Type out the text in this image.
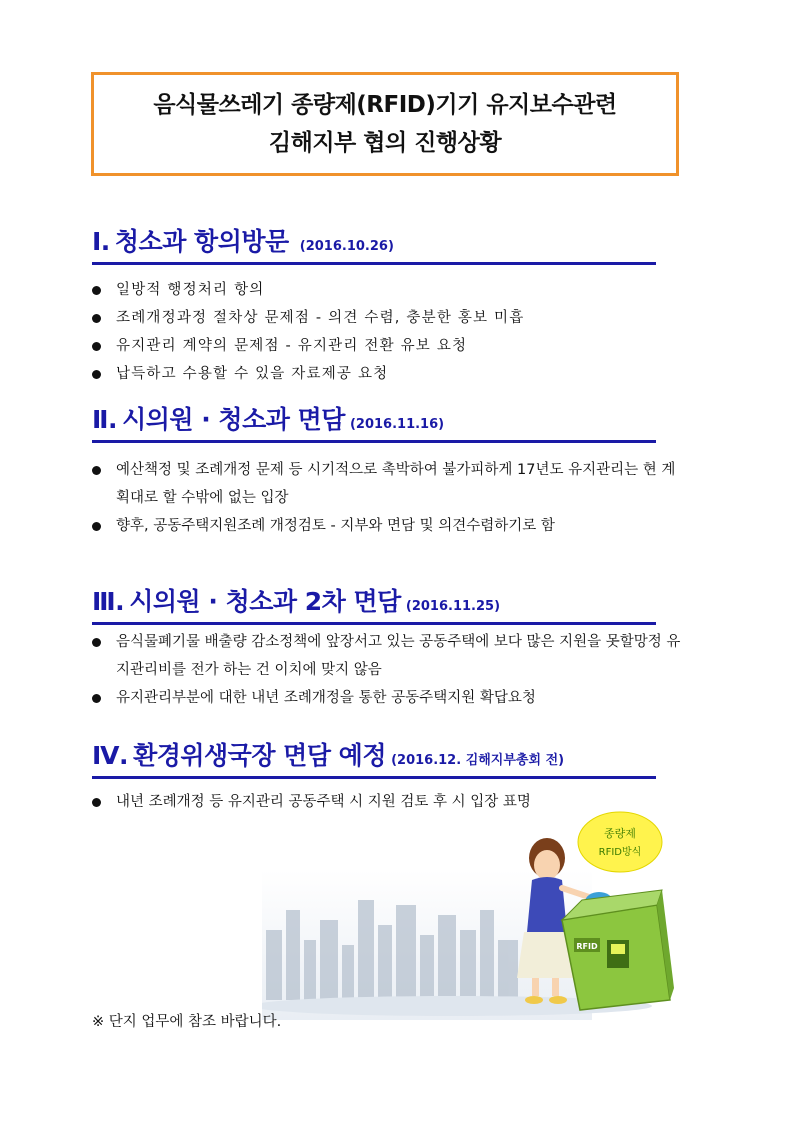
음식물쓰레기 종량제(RFID)기기 유지보수관련
김해지부 협의 진행상황
Ⅰ. 청소과 항의방문 (2016.10.26)
일방적 행정처리 항의
조례개정과정 절차상 문제점 - 의견 수렴, 충분한 홍보 미흡
유지관리 계약의 문제점 - 유지관리 전환 유보 요청
납득하고 수용할 수 있을 자료제공 요청
Ⅱ. 시의원 · 청소과 면담 (2016.11.16)
예산책정 및 조례개정 문제 등 시기적으로 촉박하여 불가피하게 17년도 유지관리는 현 계획대로 할 수밖에 없는 입장
향후, 공동주택지원조례 개정검토 - 지부와 면담 및 의견수렴하기로 함
Ⅲ. 시의원 · 청소과 2차 면담 (2016.11.25)
음식물폐기물 배출량 감소정책에 앞장서고 있는 공동주택에 보다 많은 지원을 못할망정 유지관리비를 전가 하는 건 이치에 맞지 않음
유지관리부분에 대한 내년 조례개정을 통한 공동주택지원 확답요청
Ⅳ. 환경위생국장 면담 예정 (2016.12. 김해지부총회 전)
내년 조례개정 등 유지관리 공동주택 시 지원 검토 후 시 입장 표명
종량제
RFID방식
RFID
※ 단지 업무에 참조 바랍니다.
